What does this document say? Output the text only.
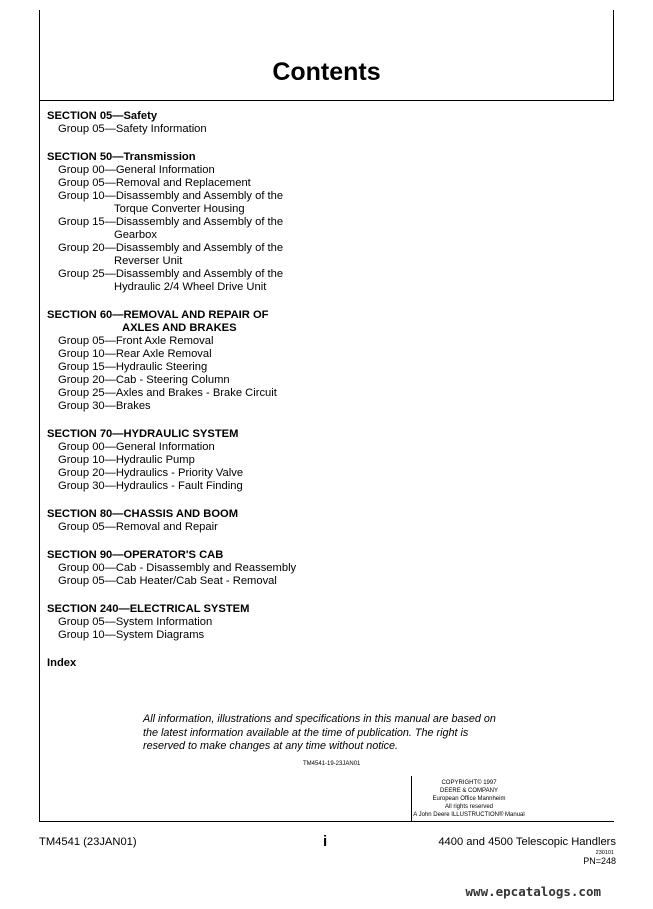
Contents
SECTION 05—Safety
Group 05—Safety Information
SECTION 50—Transmission
Group 00—General Information
Group 05—Removal and Replacement
Group 10—Disassembly and Assembly of the
Torque Converter Housing
Group 15—Disassembly and Assembly of the
Gearbox
Group 20—Disassembly and Assembly of the
Reverser Unit
Group 25—Disassembly and Assembly of the
Hydraulic 2/4 Wheel Drive Unit
SECTION 60—REMOVAL AND REPAIR OF
AXLES AND BRAKES
Group 05—Front Axle Removal
Group 10—Rear Axle Removal
Group 15—Hydraulic Steering
Group 20—Cab - Steering Column
Group 25—Axles and Brakes - Brake Circuit
Group 30—Brakes
SECTION 70—HYDRAULIC SYSTEM
Group 00—General Information
Group 10—Hydraulic Pump
Group 20—Hydraulics - Priority Valve
Group 30—Hydraulics - Fault Finding
SECTION 80—CHASSIS AND BOOM
Group 05—Removal and Repair
SECTION 90—OPERATOR'S CAB
Group 00—Cab - Disassembly and Reassembly
Group 05—Cab Heater/Cab Seat - Removal
SECTION 240—ELECTRICAL SYSTEM
Group 05—System Information
Group 10—System Diagrams
Index

All information, illustrations and specifications in this manual are based on

the latest information available at the time of publication. The right is

reserved to make changes at any time without notice.

TM4541-19-23JAN01
COPYRIGHT© 1997
DEERE & COMPANY
European Office Mannheim
All rights reserved
A John Deere ILLUSTRUCTION® Manual
TM4541 (23JAN01)	i	4400 and 4500 Telescopic Handlers
230101
PN=248
www.epcatalogs.com
